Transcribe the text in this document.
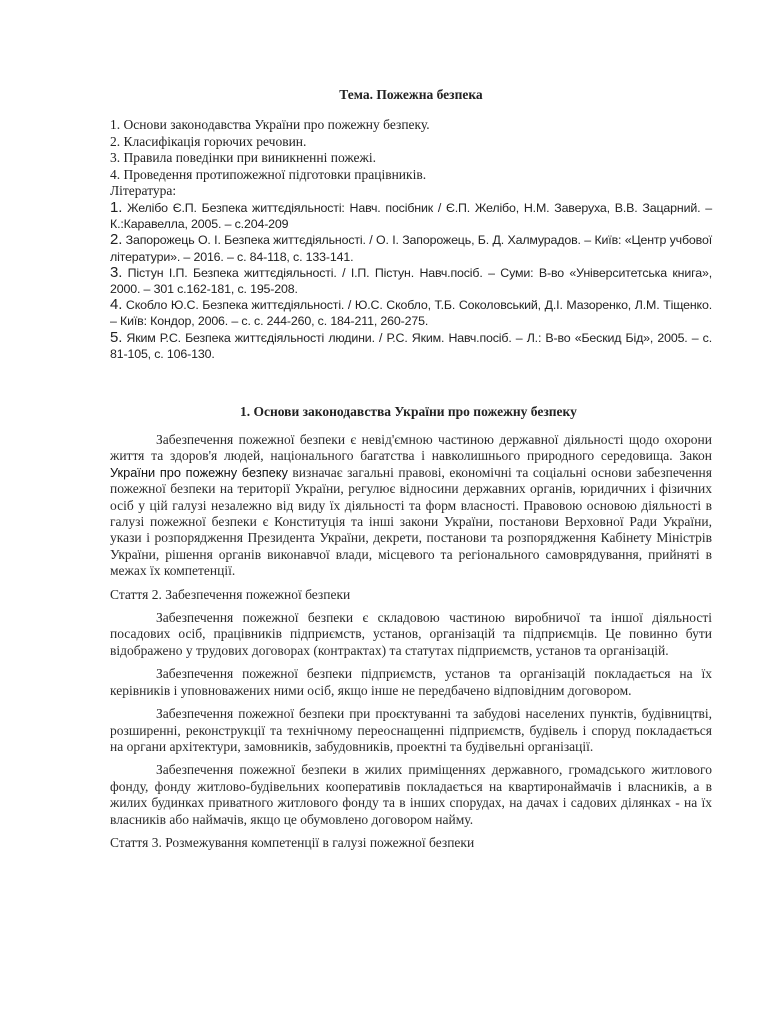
Тема. Пожежна безпека
1. Основи законодавства України про пожежну безпеку.
2. Класифікація горючих речовин.
3. Правила поведінки при виникненні пожежі.
4. Проведення протипожежної підготовки працівників.
Література:
1. Желібо Є.П. Безпека життєдіяльності: Навч. посібник / Є.П. Желібо, Н.М. Заверуха, В.В. Зацарний. – К.:Каравелла, 2005. – с.204-209
2. Запорожець О. І. Безпека життєдіяльності. / О. І. Запорожець, Б. Д. Халмурадов. – Київ: «Центр учбової літератури». – 2016. – с. 84-118, с. 133-141.
3. Пістун І.П. Безпека життєдіяльності. / І.П. Пістун. Навч.посіб. – Суми: В-во «Університетська книга», 2000. – 301 с.162-181, с. 195-208.
4. Скобло Ю.С. Безпека життєдіяльності. / Ю.С. Скобло, Т.Б. Соколовський, Д.І. Мазоренко, Л.М. Тіщенко. – Київ: Кондор, 2006. – с. с. 244-260, с. 184-211, 260-275.
5. Яким Р.С. Безпека життєдіяльності людини. / Р.С. Яким. Навч.посіб. – Л.: В-во «Бескид Бід», 2005. – с. 81-105, с. 106-130.
1. Основи законодавства України про пожежну безпеку

Забезпечення пожежної безпеки є невід'ємною частиною державної діяльності щодо охорони життя та здоров'я людей, національного багатства і навколишнього природного середовища. Закон України про пожежну безпеку визначає загальні правові, економічні та соціальні основи забезпечення пожежної безпеки на території України, регулює відносини державних органів, юридичних і фізичних осіб у цій галузі незалежно від виду їх діяльності та форм власності. Правовою основою діяльності в галузі пожежної безпеки є Конституція та інші закони України, постанови Верховної Ради України, укази і розпорядження Президента України, декрети, постанови та розпорядження Кабінету Міністрів України, рішення органів виконавчої влади, місцевого та регіонального самоврядування, прийняті в межах їх компетенції.

Стаття 2. Забезпечення пожежної безпеки

Забезпечення пожежної безпеки є складовою частиною виробничої та іншої діяльності посадових осіб, працівників підприємств, установ, організацій та підприємців. Це повинно бути відображено у трудових договорах (контрактах) та статутах підприємств, установ та організацій.

Забезпечення пожежної безпеки підприємств, установ та організацій покладається на їх керівників і уповноважених ними осіб, якщо інше не передбачено відповідним договором.

Забезпечення пожежної безпеки при проєктуванні та забудові населених пунктів, будівництві, розширенні, реконструкції та технічному переоснащенні підприємств, будівель і споруд покладається на органи архітектури, замовників, забудовників, проектні та будівельні організації.

Забезпечення пожежної безпеки в жилих приміщеннях державного, громадського житлового фонду, фонду житлово-будівельних кооперативів покладається на квартиронаймачів і власників, а в жилих будинках приватного житлового фонду та в інших спорудах, на дачах і садових ділянках - на їх власників або наймачів, якщо це обумовлено договором найму.

Стаття 3. Розмежування компетенції в галузі пожежної безпеки
